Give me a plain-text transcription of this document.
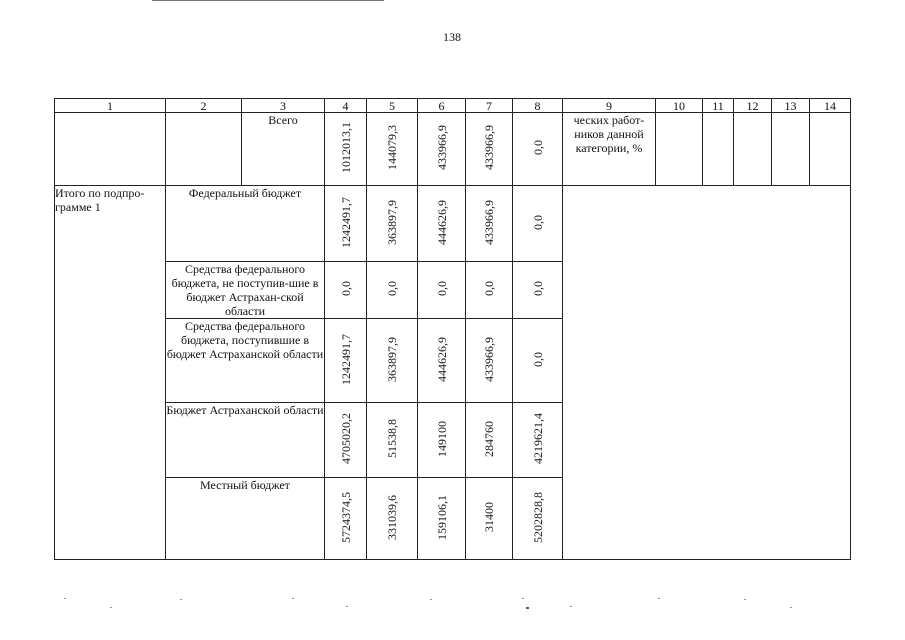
138
1	2	3	4	5	6	7	8	9	10	11	12	13	14
		Всего	1012013,1	144079,3	433966,9	433966,9	0,0	ческих работ-ников данной категории, %					
Итого по подпро-грамме 1	Федеральный бюджет		1242491,7	363897,9	444626,9	433966,9	0,0						
	Средства федерального бюджета, не поступив-шие в бюджет Астрахан-ской области		0,0	0,0	0,0	0,0	0,0						
	Средства федерального бюджета, поступившие в бюджет Астраханской области		1242491,7	363897,9	444626,9	433966,9	0,0						
	Бюджет Астраханской области		4705020,2	51538,8	149100	284760	4219621,4						
	Местный бюджет		5724374,5	331039,6	159106,1	31400	5202828,8						
